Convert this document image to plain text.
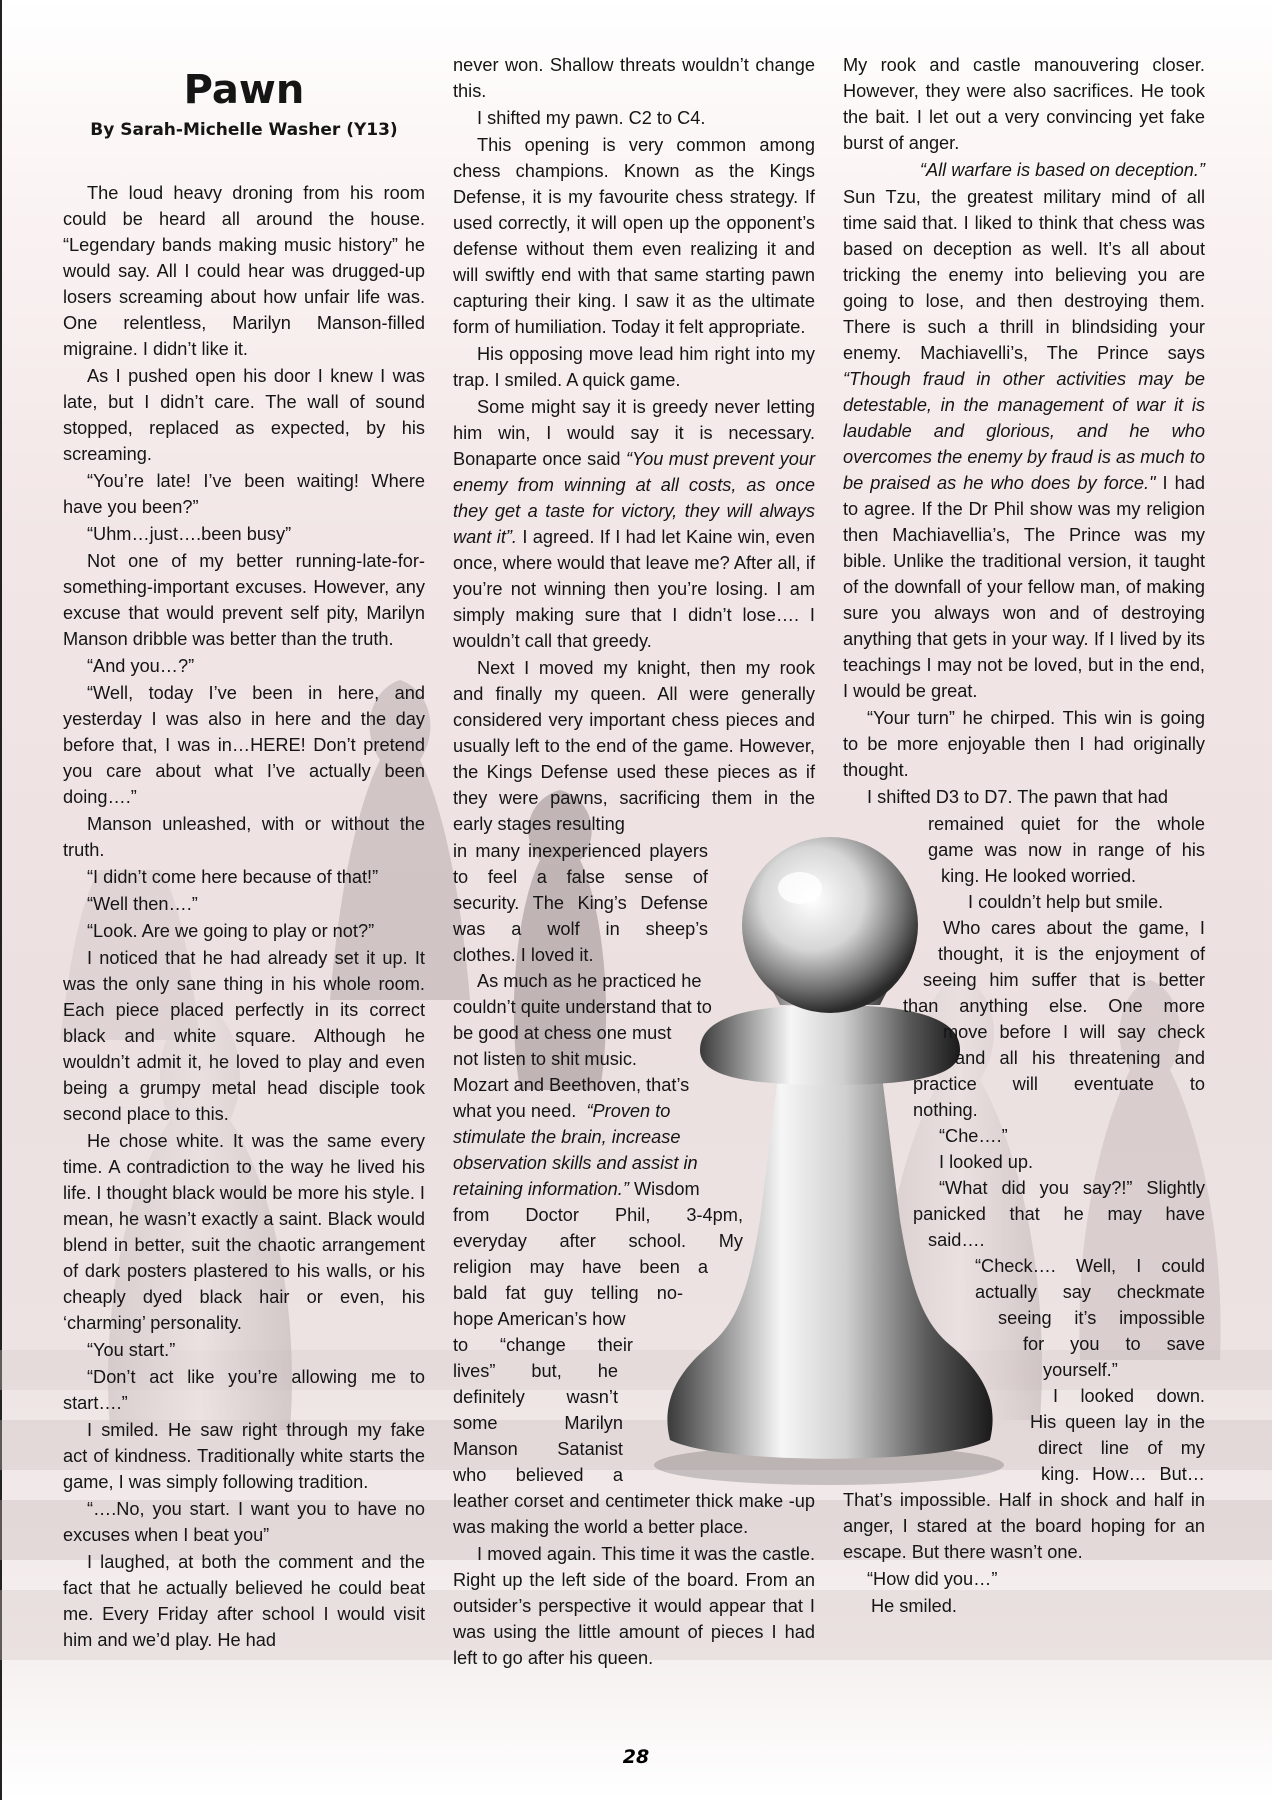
Pawn
By Sarah-Michelle Washer (Y13)

The loud heavy droning from his room could be heard all around the house. “Legendary bands making music history” he would say. All I could hear was drugged-up losers screaming about how unfair life was. One relentless, Marilyn Manson-filled migraine. I didn’t like it.

As I pushed open his door I knew I was late, but I didn’t care. The wall of sound stopped, replaced as expected, by his screaming.

“You’re late! I’ve been waiting! Where have you been?”

“Uhm…just….been busy”

Not one of my better running-late-for-something-important excuses. However, any excuse that would prevent self pity, Marilyn Manson dribble was better than the truth.

“And you…?”

“Well, today I’ve been in here, and yesterday I was also in here and the day before that, I was in…HERE! Don’t pretend you care about what I’ve actually been doing….”

Manson unleashed, with or without the truth.

“I didn’t come here because of that!”

“Well then….”

“Look. Are we going to play or not?”

I noticed that he had already set it up. It was the only sane thing in his whole room. Each piece placed perfectly in its correct black and white square. Although he wouldn’t admit it, he loved to play and even being a grumpy metal head disciple took second place to this.

He chose white. It was the same every time. A contradiction to the way he lived his life. I thought black would be more his style. I mean, he wasn’t exactly a saint. Black would blend in better, suit the chaotic arrangement of dark posters plastered to his walls, or his cheaply dyed black hair or even, his ‘charming’ personality.

“You start.”

“Don’t act like you’re allowing me to start….”

I smiled. He saw right through my fake act of kindness. Traditionally white starts the game, I was simply following tradition.

“….No, you start. I want you to have no excuses when I beat you”

I laughed, at both the comment and the fact that he actually believed he could beat me. Every Friday after school I would visit him and we’d play. He had

never won. Shallow threats wouldn’t change this.

I shifted my pawn. C2 to C4.

This opening is very common among chess champions. Known as the Kings Defense, it is my favourite chess strategy. If used correctly, it will open up the opponent’s defense without them even realizing it and will swiftly end with that same starting pawn capturing their king. I saw it as the ultimate form of humiliation. Today it felt appropriate.

His opposing move lead him right into my trap. I smiled. A quick game.

Some might say it is greedy never letting him win, I would say it is necessary. Bonaparte once said “You must prevent your enemy from winning at all costs, as once they get a taste for victory, they will always want it”. I agreed. If I had let Kaine win, even once, where would that leave me? After all, if you’re not winning then you’re losing. I am simply making sure that I didn’t lose…. I wouldn’t call that greedy.

Next I moved my knight, then my rook and finally my queen. All were generally considered very important chess pieces and usually left to the end of the game. However, the Kings Defense used these pieces as if they were pawns, sacrificing them in the early stages resulting

in many inexperienced players
to feel a false sense of
security. The King’s Defense
was a wolf in sheep’s
clothes. I loved it.
As much as he practiced he
couldn’t quite understand that to
be good at chess one must
not listen to shit music.
Mozart and Beethoven, that’s
what you need. “Proven to
stimulate the brain, increase
observation skills and assist in
retaining information.” Wisdom
from Doctor Phil, 3-4pm,
everyday after school. My
religion may have been a
bald fat guy telling no-
hope American’s how
to “change their
lives” but, he
definitely wasn’t
some Marilyn
Manson Satanist
who believed a

leather corset and centimeter thick make -up was making the world a better place.

I moved again. This time it was the castle. Right up the left side of the board. From an outsider’s perspective it would appear that I was using the little amount of pieces I had left to go after his queen.

My rook and castle manouvering closer. However, they were also sacrifices. He took the bait. I let out a very convincing yet fake burst of anger.

“All warfare is based on deception.”

Sun Tzu, the greatest military mind of all time said that. I liked to think that chess was based on deception as well. It’s all about tricking the enemy into believing you are going to lose, and then destroying them. There is such a thrill in blindsiding your enemy. Machiavelli’s, The Prince says “Though fraud in other activities may be detestable, in the management of war it is laudable and glorious, and he who overcomes the enemy by fraud is as much to be praised as he who does by force." I had to agree. If the Dr Phil show was my religion then Machiavellia’s, The Prince was my bible. Unlike the traditional version, it taught of the downfall of your fellow man, of making sure you always won and of destroying anything that gets in your way. If I lived by its teachings I may not be loved, but in the end, I would be great.

“Your turn” he chirped. This win is going to be more enjoyable then I had originally thought.

I shifted D3 to D7. The pawn that had

remained quiet for the whole
game was now in range of his
king. He looked worried.
I couldn’t help but smile.
Who cares about the game, I
thought, it is the enjoyment of
seeing him suffer that is better
than anything else. One more
move before I will say check
and all his threatening and
practice will eventuate to
nothing.
“Che….”
I looked up.
“What did you say?!” Slightly
panicked that he may have
said….
“Check…. Well, I could
actually say checkmate
seeing it’s impossible
for you to save
yourself.”
I looked down.
His queen lay in the
direct line of my
king. How… But…

That’s impossible. Half in shock and half in anger, I stared at the board hoping for an escape. But there wasn’t one.

“How did you…”

He smiled.

28
